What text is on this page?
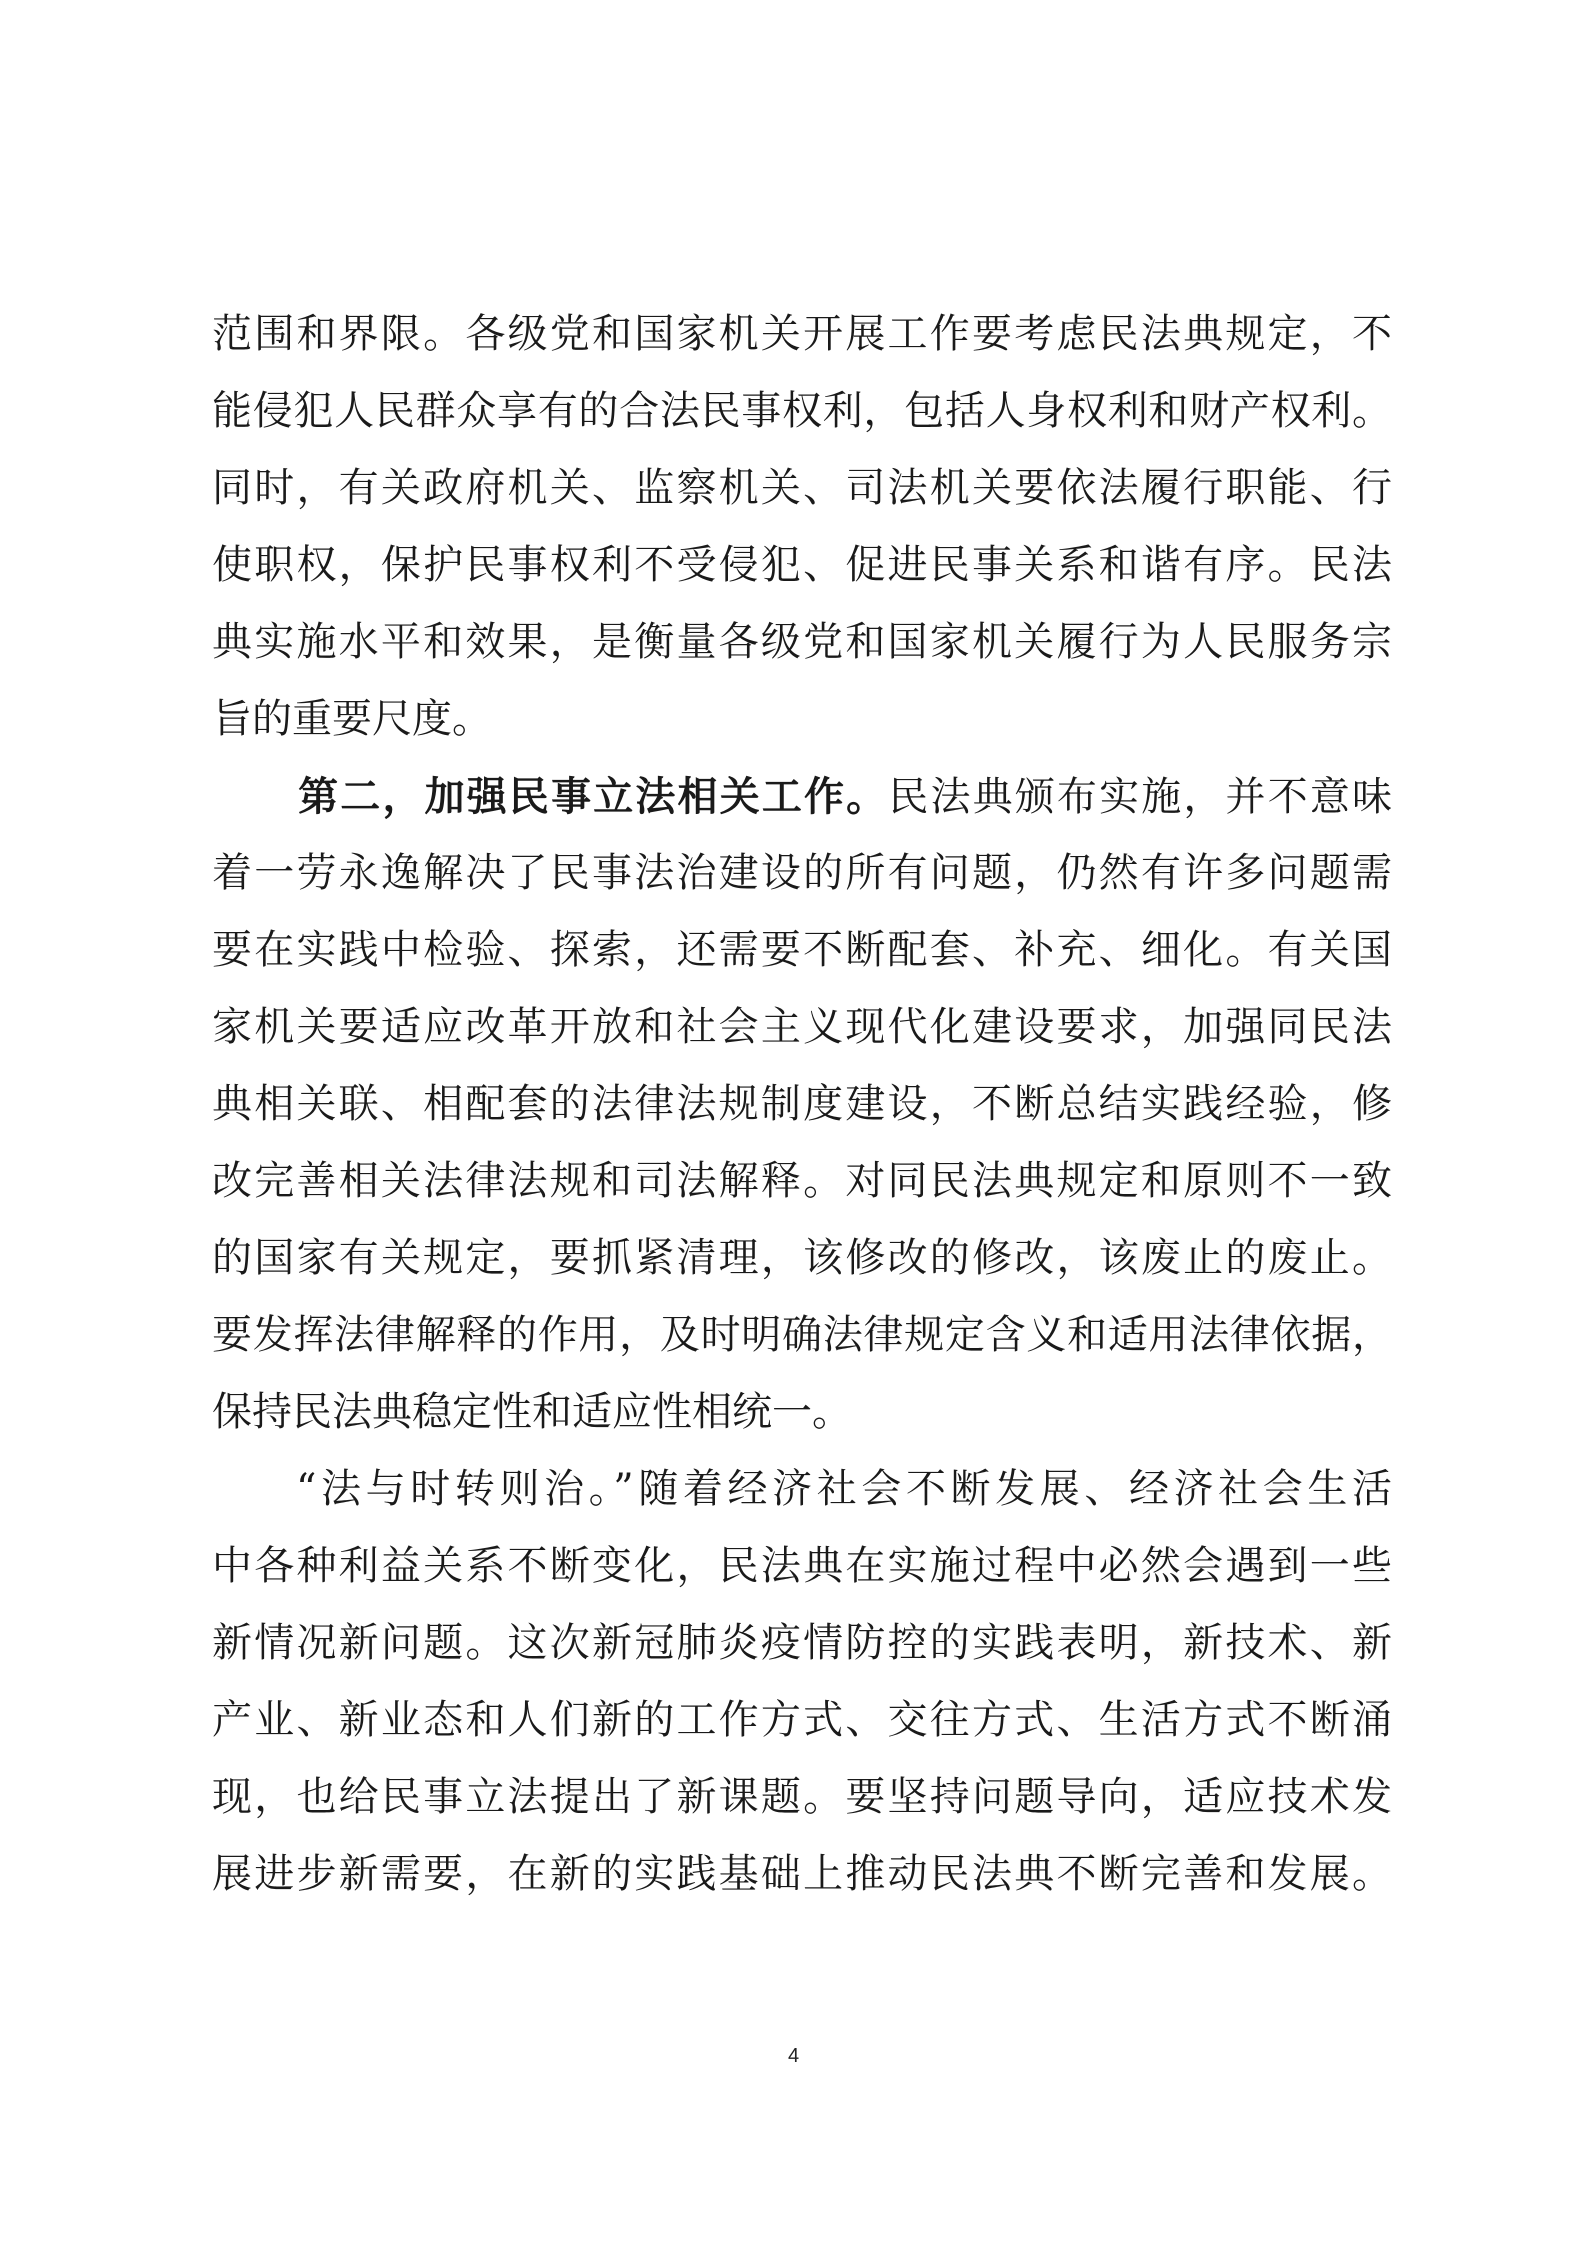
范围和界限。各级党和国家机关开展工作要考虑民法典规定，不
能侵犯人民群众享有的合法民事权利，包括人身权利和财产权利。
同时，有关政府机关、监察机关、司法机关要依法履行职能、行
使职权，保护民事权利不受侵犯、促进民事关系和谐有序。民法
典实施水平和效果，是衡量各级党和国家机关履行为人民服务宗
旨的重要尺度。
第二，加强民事立法相关工作。民法典颁布实施，并不意味
着一劳永逸解决了民事法治建设的所有问题，仍然有许多问题需
要在实践中检验、探索，还需要不断配套、补充、细化。有关国
家机关要适应改革开放和社会主义现代化建设要求，加强同民法
典相关联、相配套的法律法规制度建设，不断总结实践经验，修
改完善相关法律法规和司法解释。对同民法典规定和原则不一致
的国家有关规定，要抓紧清理，该修改的修改，该废止的废止。
要发挥法律解释的作用，及时明确法律规定含义和适用法律依据，
保持民法典稳定性和适应性相统一。
“法与时转则治。”随着经济社会不断发展、经济社会生活
中各种利益关系不断变化，民法典在实施过程中必然会遇到一些
新情况新问题。这次新冠肺炎疫情防控的实践表明，新技术、新
产业、新业态和人们新的工作方式、交往方式、生活方式不断涌
现，也给民事立法提出了新课题。要坚持问题导向，适应技术发
展进步新需要，在新的实践基础上推动民法典不断完善和发展。
4
